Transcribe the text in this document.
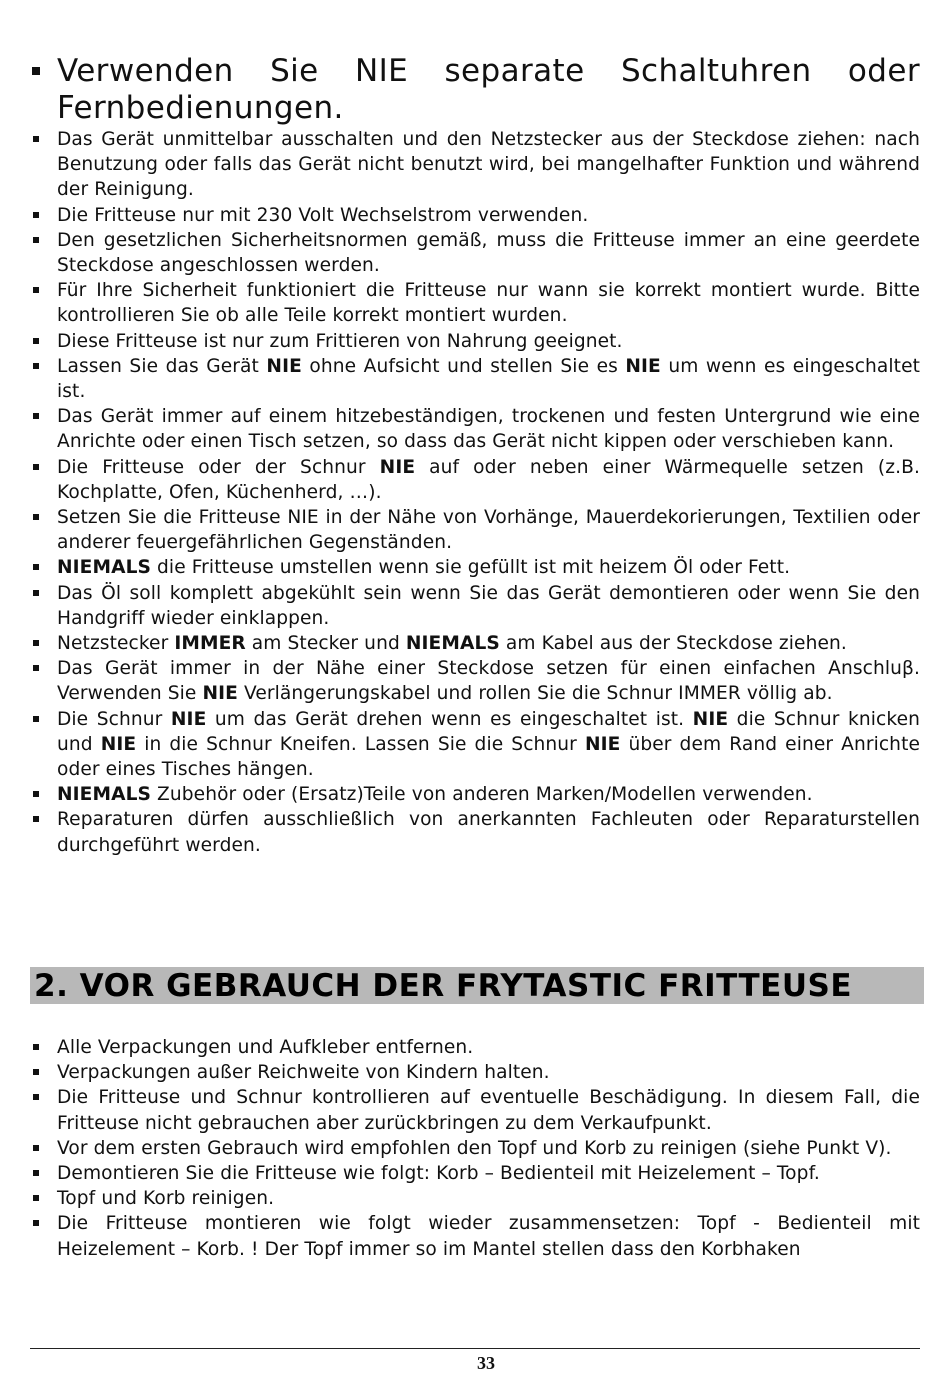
Verwenden Sie NIE separate Schaltuhren oder Fernbedienungen.
Das Gerät unmittelbar ausschalten und den Netzstecker aus der Steckdose ziehen: nach Benutzung oder falls das Gerät nicht benutzt wird, bei mangelhafter Funktion und während der Reinigung.
Die Fritteuse nur mit 230 Volt Wechselstrom verwenden.
Den gesetzlichen Sicherheitsnormen gemäß, muss die Fritteuse immer an eine geerdete Steckdose angeschlossen werden.
Für Ihre Sicherheit funktioniert die Fritteuse nur wann sie korrekt montiert wurde. Bitte kontrollieren Sie ob alle Teile korrekt montiert wurden.
Diese Fritteuse ist nur zum Frittieren von Nahrung geeignet.
Lassen Sie das Gerät NIE ohne Aufsicht und stellen Sie es NIE um wenn es eingeschaltet ist.
Das Gerät immer auf einem hitzebeständigen, trockenen und festen Untergrund wie eine Anrichte oder einen Tisch setzen, so dass das Gerät nicht kippen oder verschieben kann.
Die Fritteuse oder der Schnur NIE auf oder neben einer Wärmequelle setzen (z.B. Kochplatte, Ofen, Küchenherd, …).
Setzen Sie die Fritteuse NIE in der Nähe von Vorhänge, Mauerdekorierungen, Textilien oder anderer feuergefährlichen Gegenständen.
NIEMALS die Fritteuse umstellen wenn sie gefüllt ist mit heizem Öl oder Fett.
Das Öl soll komplett abgekühlt sein wenn Sie das Gerät demontieren oder wenn Sie den Handgriff wieder einklappen.
Netzstecker IMMER am Stecker und NIEMALS am Kabel aus der Steckdose ziehen.
Das Gerät immer in der Nähe einer Steckdose setzen für einen einfachen Anschluβ. Verwenden Sie NIE Verlängerungskabel und rollen Sie die Schnur IMMER völlig ab.
Die Schnur NIE um das Gerät drehen wenn es eingeschaltet ist. NIE die Schnur knicken und NIE in die Schnur Kneifen. Lassen Sie die Schnur NIE über dem Rand einer Anrichte oder eines Tisches hängen.
NIEMALS Zubehör oder (Ersatz)Teile von anderen Marken/Modellen verwenden.
Reparaturen dürfen ausschließlich von anerkannten Fachleuten oder Reparaturstellen durchgeführt werden.
2. VOR GEBRAUCH DER FRYTASTIC FRITTEUSE
Alle Verpackungen und Aufkleber entfernen.
Verpackungen außer Reichweite von Kindern halten.
Die Fritteuse und Schnur kontrollieren auf eventuelle Beschädigung. In diesem Fall, die Fritteuse nicht gebrauchen aber zurückbringen zu dem Verkaufpunkt.
Vor dem ersten Gebrauch wird empfohlen den Topf und Korb zu reinigen (siehe Punkt V).
Demontieren Sie die Fritteuse wie folgt: Korb – Bedienteil mit Heizelement – Topf.
Topf und Korb reinigen.
Die Fritteuse montieren wie folgt wieder zusammensetzen: Topf - Bedienteil mit Heizelement – Korb. ! Der Topf immer so im Mantel stellen dass den Korbhaken
33
